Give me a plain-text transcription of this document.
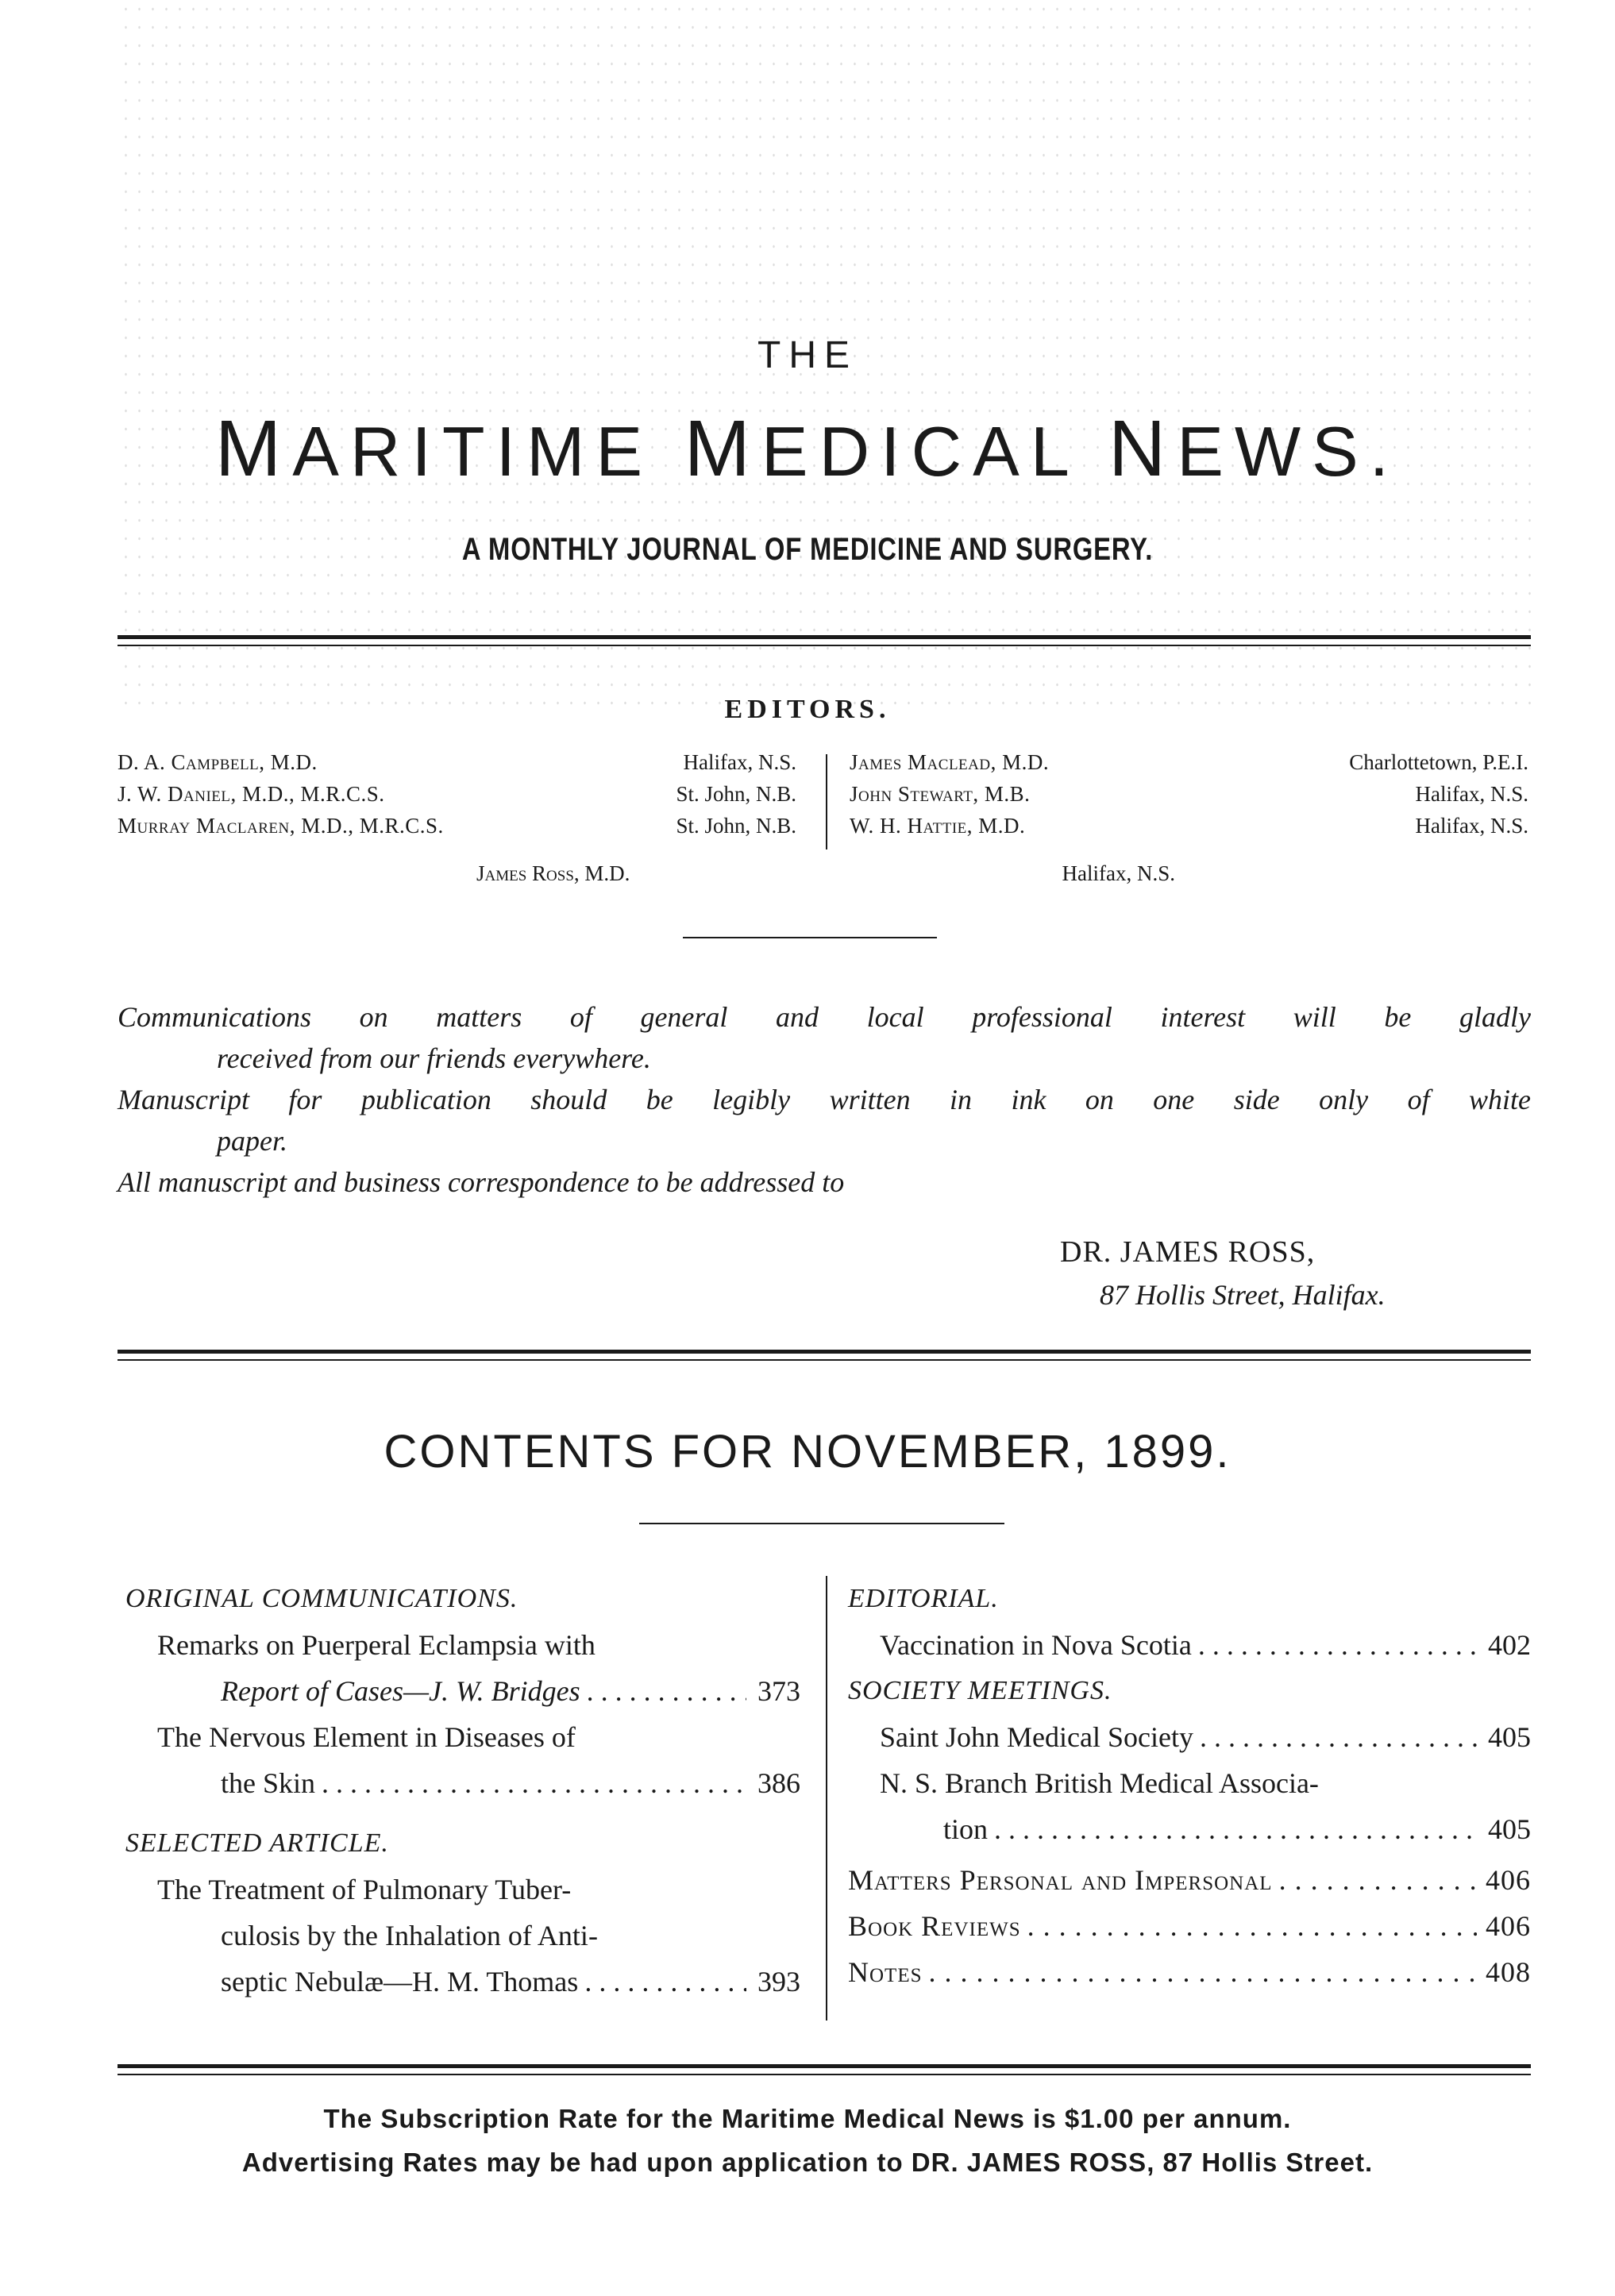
THE
MARITIME MEDICAL NEWS.
A MONTHLY JOURNAL OF MEDICINE AND SURGERY.
EDITORS.
D. A. Campbell, M.D.	Halifax, N.S.
J. W. Daniel, M.D., M.R.C.S.	St. John, N.B.
Murray Maclaren, M.D., M.R.C.S.	St. John, N.B.
James Maclead, M.D.	Charlottetown, P.E.I.
John Stewart, M.B.	Halifax, N.S.
W. H. Hattie, M.D.	Halifax, N.S.
James Ross, M.D.	Halifax, N.S.
Communications on matters of general and local professional interest will be gladly
received from our friends everywhere.
Manuscript for publication should be legibly written in ink on one side only of white
paper.
All manuscript and business correspondence to be addressed to
DR. JAMES ROSS,
87 Hollis Street, Halifax.
CONTENTS FOR NOVEMBER, 1899.
ORIGINAL COMMUNICATIONS.
Remarks on Puerperal Eclampsia with
Report of Cases—J. W. Bridges . . .	373
The Nervous Element in Diseases of
the Skin . . .	386
SELECTED ARTICLE.
The Treatment of Pulmonary Tuber-
culosis by the Inhalation of Anti-
septic Nebulæ—H. M. Thomas . . .	393
EDITORIAL.
Vaccination in Nova Scotia . . .	402
SOCIETY MEETINGS.
Saint John Medical Society . . .	405
N. S. Branch British Medical Associa-
tion . . .	405
Matters Personal and Impersonal . . .	406
Book Reviews . . .	406
Notes . . .	408
The Subscription Rate for the Maritime Medical News is $1.00 per annum.
Advertising Rates may be had upon application to DR. JAMES ROSS, 87 Hollis Street.
